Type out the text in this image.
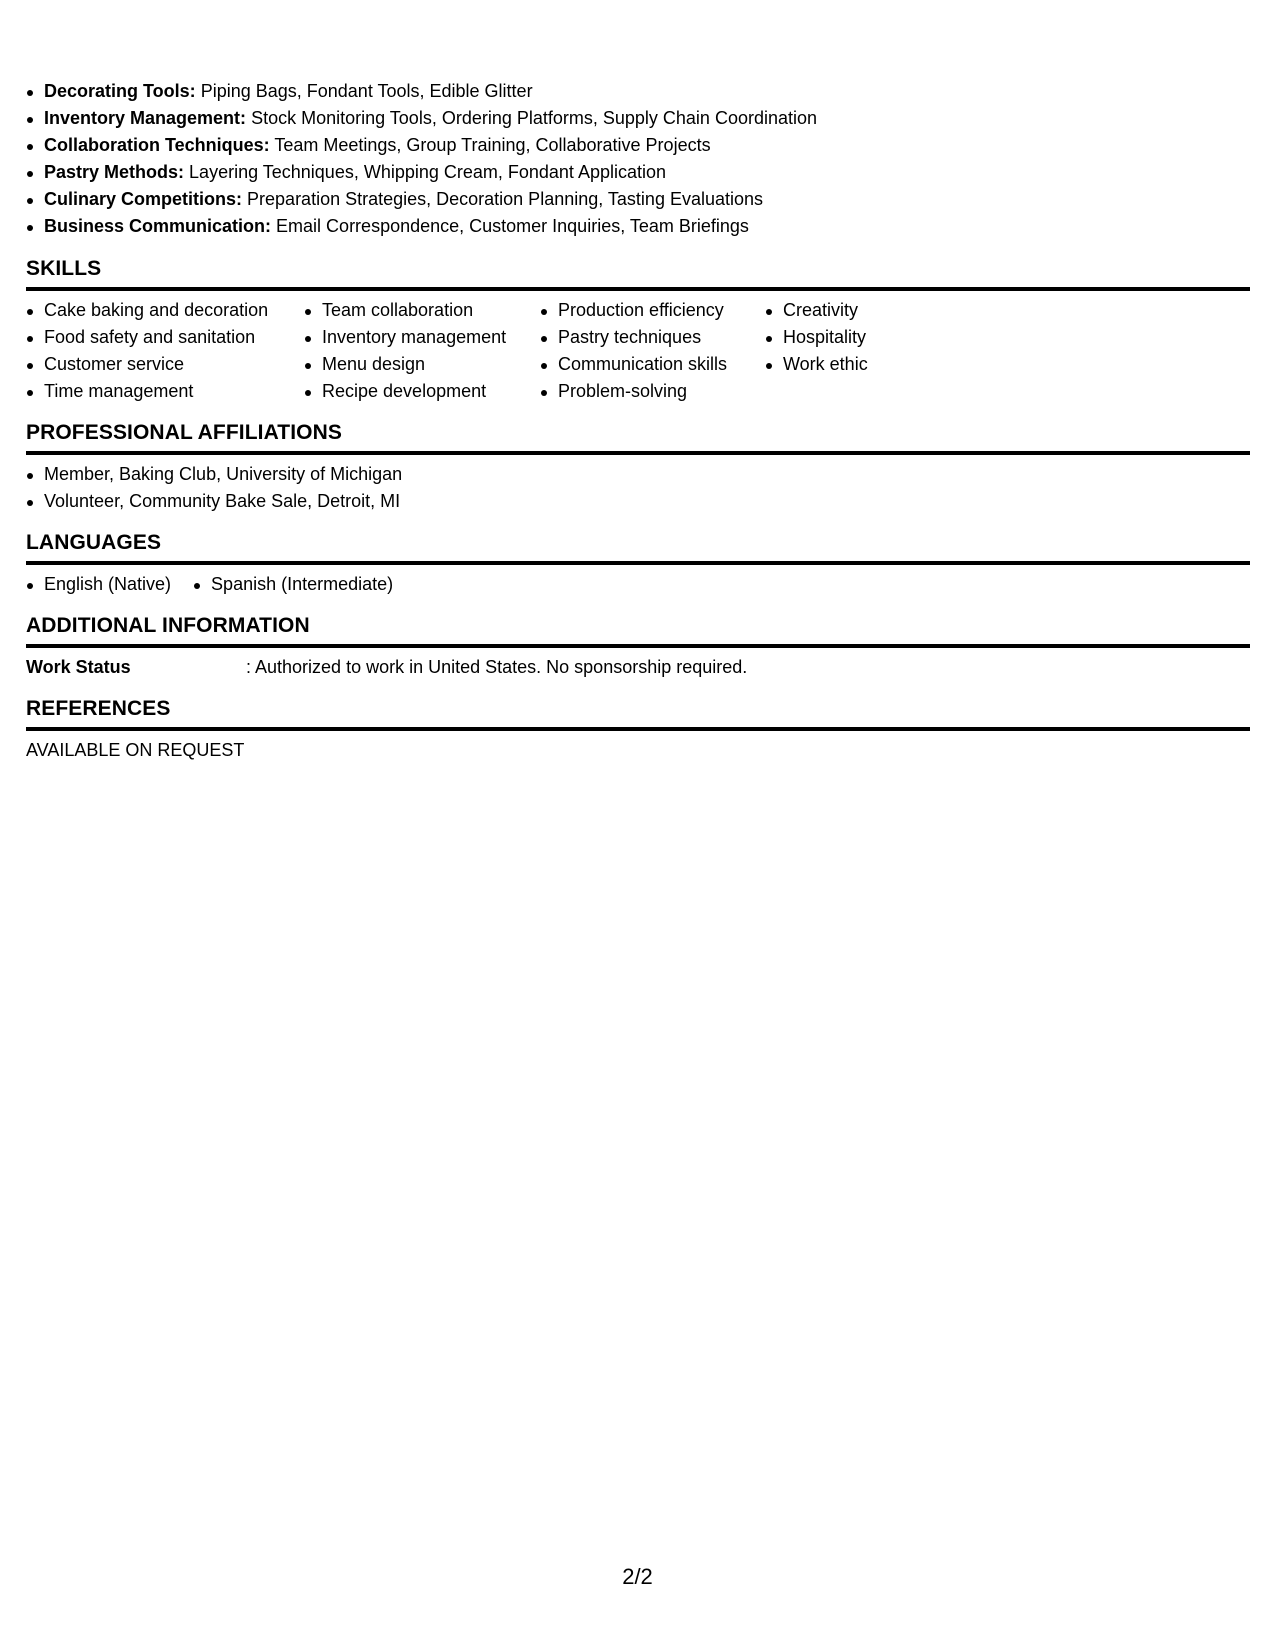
Decorating Tools: Piping Bags, Fondant Tools, Edible Glitter
Inventory Management: Stock Monitoring Tools, Ordering Platforms, Supply Chain Coordination
Collaboration Techniques: Team Meetings, Group Training, Collaborative Projects
Pastry Methods: Layering Techniques, Whipping Cream, Fondant Application
Culinary Competitions: Preparation Strategies, Decoration Planning, Tasting Evaluations
Business Communication: Email Correspondence, Customer Inquiries, Team Briefings
SKILLS
Cake baking and decoration
Food safety and sanitation
Customer service
Time management
Team collaboration
Inventory management
Menu design
Recipe development
Production efficiency
Pastry techniques
Communication skills
Problem-solving
Creativity
Hospitality
Work ethic
PROFESSIONAL AFFILIATIONS
Member, Baking Club, University of Michigan
Volunteer, Community Bake Sale, Detroit, MI
LANGUAGES
English (Native)	Spanish (Intermediate)
ADDITIONAL INFORMATION
Work Status	: Authorized to work in United States. No sponsorship required.
REFERENCES
AVAILABLE ON REQUEST
2/2
